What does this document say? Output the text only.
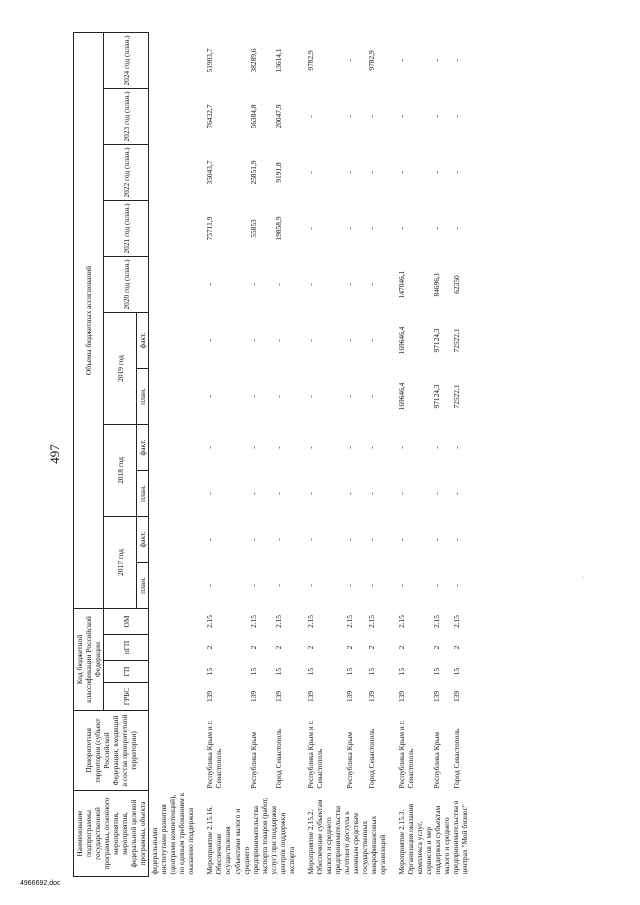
497
·
Наименование подпрограммы государственной программы, основного мероприятия, мероприятия, федеральной целевой программы, объекта	Приоритетная территория (субъект Российской Федерации, входящий в состав приоритетной территории)	Код бюджетной классификации Российской Федерации				Объемы бюджетных ассигнований										
		ГРБС	ГП	пГП	ОМ	2017 год		2018 год		2019 год		2020 год (план.)	2021 год (план.)	2022 год (план.)	2023 год (план.)	2024 год (план.)
						план.	факт.	план.	факт.	план.	факт.					
федеральными институтами развития (центрами компетенций), по единым требованиям к оказанию поддержки																

Мероприятие 2.15.16. Обеспечение осуществления субъектами малого и среднего предпринимательства экспорта товаров (работ, услуг) при поддержке центров поддержки экспорта	Республика Крым и г. Севастополь	139	15	2	2.15	-	-	-	-	-	-	-	75711,9	35043,7	76432,7	51903,7
	Республика Крым	139	15	2	2.15	-	-	-	-	-	-	-	55853	25851,9	56384,8	38289,6
	Город Севастополь	139	15	2	2.15	-	-	-	-	-	-	-	19858,9	9191,8	20047,9	13614,1

Мероприятие 2.15.2. Обеспечение субъектам малого и среднего предпринимательства льготного доступа к заемным средствам государственных микрофинансовых организаций	Республика Крым и г. Севастополь	139	15	2	2.15	-	-	-	-	-	-	-	-	-	-	9782,9
	Республика Крым	139	15	2	2.15	-	-	-	-	-	-	-	-	-	-	-
	Город Севастополь	139	15	2	2.15	-	-	-	-	-	-	-	-	-	-	9782,9

Мероприятие 2.15.3. Организация оказания комплекса услуг, сервисов и мер поддержки субъектам малого и среднего предпринимательства в центрах "Мой бизнес"	Республика Крым и г. Севастополь	139	15	2	2.15	-	-	-	-	169646,4	169646,4	147046,1	-	-	-	-
	Республика Крым	139	15	2	2.15	-	-	-	-	97124,3	97124,3	84696,1	-	-	-	-
	Город Севастополь	139	15	2	2.15	-	-	-	-	72522,1	72522,1	62350	-	-	-	-
4966692.doc
